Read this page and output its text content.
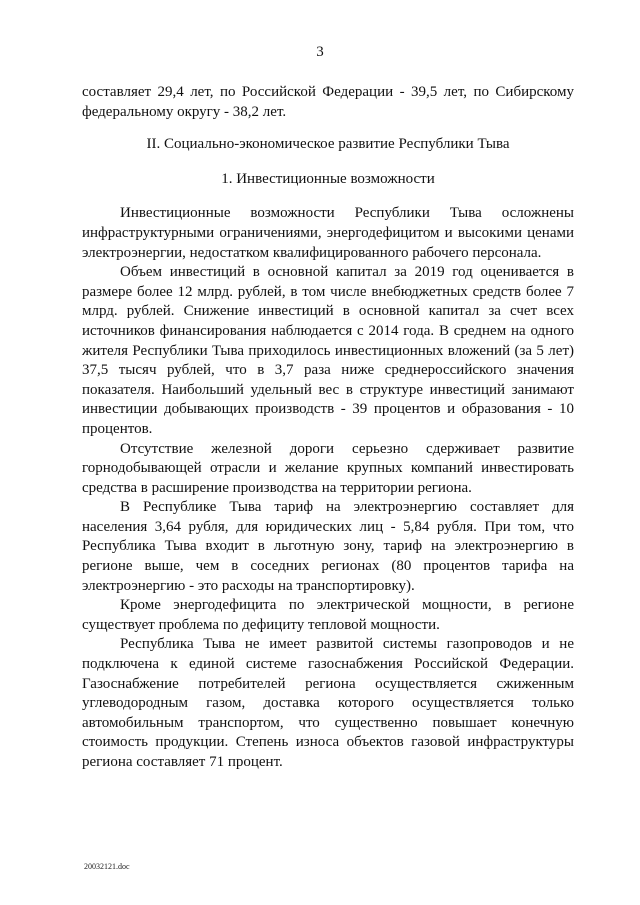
3

составляет 29,4 лет, по Российской Федерации - 39,5 лет, по Сибирскому федеральному округу - 38,2 лет.

II. Социально-экономическое развитие Республики Тыва

1. Инвестиционные возможности

Инвестиционные возможности Республики Тыва осложнены инфраструктурными ограничениями, энергодефицитом и высокими ценами электроэнергии, недостатком квалифицированного рабочего персонала.

Объем инвестиций в основной капитал за 2019 год оценивается в размере более 12 млрд. рублей, в том числе внебюджетных средств более 7 млрд. рублей. Снижение инвестиций в основной капитал за счет всех источников финансирования наблюдается с 2014 года. В среднем на одного жителя Республики Тыва приходилось инвестиционных вложений (за 5 лет) 37,5 тысяч рублей, что в 3,7 раза ниже среднероссийского значения показателя. Наибольший удельный вес в структуре инвестиций занимают инвестиции добывающих производств - 39 процентов и образования - 10 процентов.

Отсутствие железной дороги серьезно сдерживает развитие горнодобывающей отрасли и желание крупных компаний инвестировать средства в расширение производства на территории региона.

В Республике Тыва тариф на электроэнергию составляет для населения 3,64 рубля, для юридических лиц - 5,84 рубля. При том, что Республика Тыва входит в льготную зону, тариф на электроэнергию в регионе выше, чем в соседних регионах (80 процентов тарифа на электроэнергию - это расходы на транспортировку).

Кроме энергодефицита по электрической мощности, в регионе существует проблема по дефициту тепловой мощности.

Республика Тыва не имеет развитой системы газопроводов и не подключена к единой системе газоснабжения Российской Федерации. Газоснабжение потребителей региона осуществляется сжиженным углеводородным газом, доставка которого осуществляется только автомобильным транспортом, что существенно повышает конечную стоимость продукции. Степень износа объектов газовой инфраструктуры региона составляет 71 процент.

20032121.doc
